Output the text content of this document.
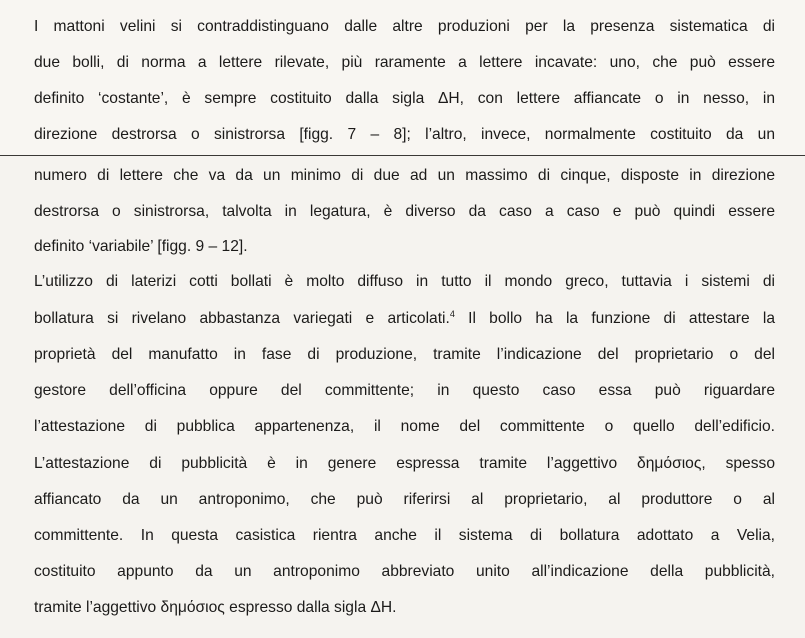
I mattoni velini si contraddistinguano dalle altre produzioni per la presenza sistematica di
due bolli, di norma a lettere rilevate, più raramente a lettere incavate: uno, che può essere
definito ‘costante’, è sempre costituito dalla sigla ΔH, con lettere affiancate o in nesso, in
direzione destrorsa o sinistrorsa [figg. 7 – 8]; l’altro, invece, normalmente costituito da un
numero di lettere che va da un minimo di due ad un massimo di cinque, disposte in direzione
destrorsa o sinistrorsa, talvolta in legatura, è diverso da caso a caso e può quindi essere
definito ‘variabile’ [figg. 9 – 12].
L’utilizzo di laterizi cotti bollati è molto diffuso in tutto il mondo greco, tuttavia i sistemi di
bollatura si rivelano abbastanza variegati e articolati.$^4$ Il bollo ha la funzione di attestare la
proprietà del manufatto in fase di produzione, tramite l’indicazione del proprietario o del
gestore dell’officina oppure del committente; in questo caso essa può riguardare
l’attestazione di pubblica appartenenza, il nome del committente o quello dell’edificio.
L’attestazione di pubblicità è in genere espressa tramite l’aggettivo δημόσιος, spesso
affiancato da un antroponimo, che può riferirsi al proprietario, al produttore o al
committente. In questa casistica rientra anche il sistema di bollatura adottato a Velia,
costituito appunto da un antroponimo abbreviato unito all’indicazione della pubblicità,
tramite l’aggettivo δημόσιος espresso dalla sigla ΔH.
